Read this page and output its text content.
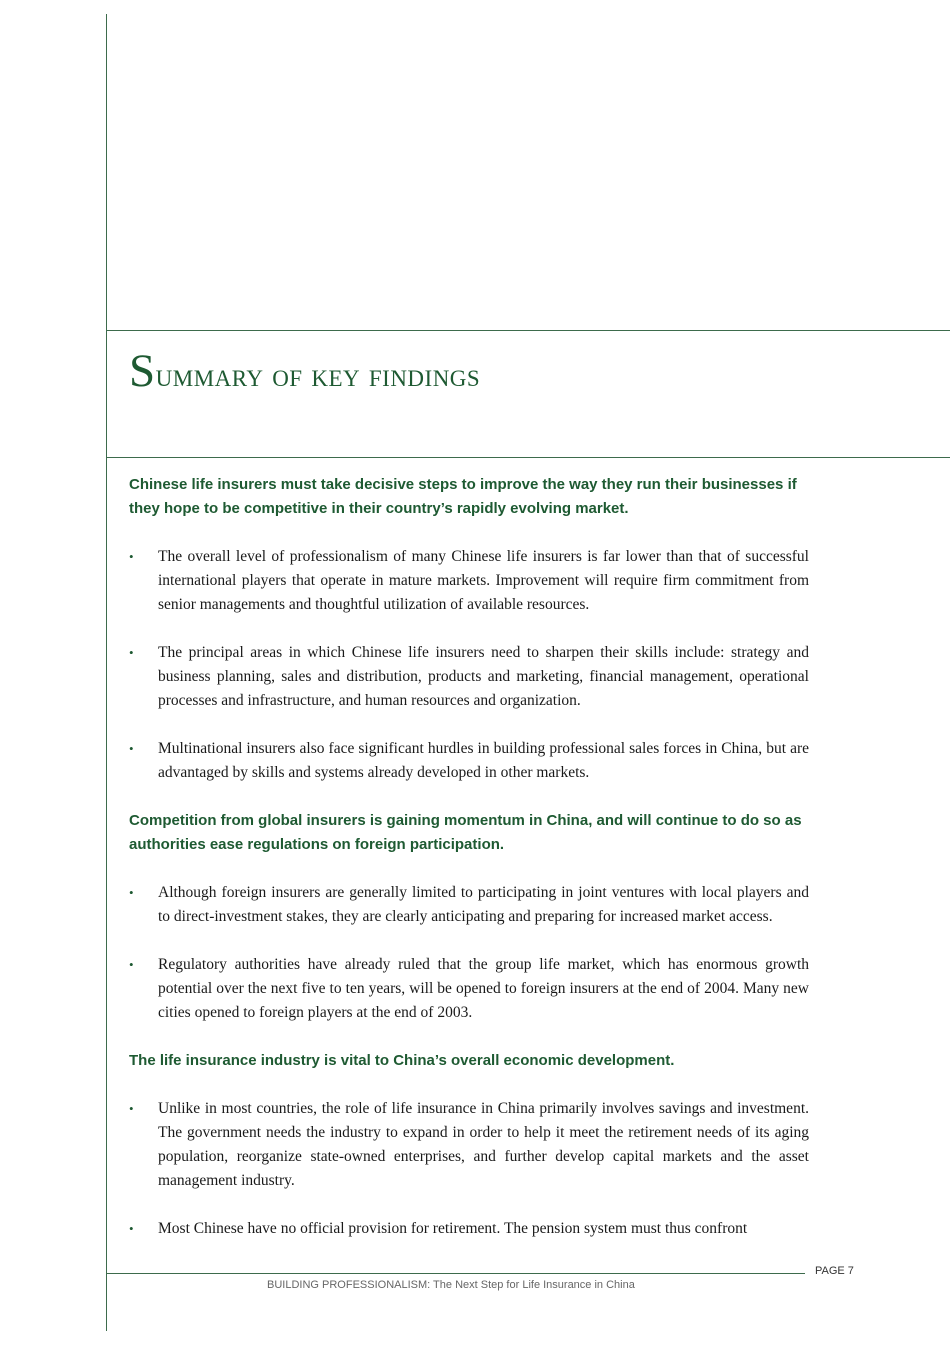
Summary of key findings

Chinese life insurers must take decisive steps to improve the way they run their businesses if they hope to be competitive in their country’s rapidly evolving market.

• The overall level of professionalism of many Chinese life insurers is far lower than that of successful international players that operate in mature markets. Improvement will require firm commitment from senior managements and thoughtful utilization of available resources.
• The principal areas in which Chinese life insurers need to sharpen their skills include: strategy and business planning, sales and distribution, products and marketing, financial management, operational processes and infrastructure, and human resources and organization.
• Multinational insurers also face significant hurdles in building professional sales forces in China, but are advantaged by skills and systems already developed in other markets.

Competition from global insurers is gaining momentum in China, and will continue to do so as authorities ease regulations on foreign participation.

• Although foreign insurers are generally limited to participating in joint ventures with local players and to direct-investment stakes, they are clearly anticipating and preparing for increased market access.
• Regulatory authorities have already ruled that the group life market, which has enormous growth potential over the next five to ten years, will be opened to foreign insurers at the end of 2004. Many new cities opened to foreign players at the end of 2003.

The life insurance industry is vital to China’s overall economic development.

• Unlike in most countries, the role of life insurance in China primarily involves savings and investment. The government needs the industry to expand in order to help it meet the retirement needs of its aging population, reorganize state-owned enterprises, and further develop capital markets and the asset management industry.
• Most Chinese have no official provision for retirement. The pension system must thus confront
PAGE 7
BUILDING PROFESSIONALISM: The Next Step for Life Insurance in China
